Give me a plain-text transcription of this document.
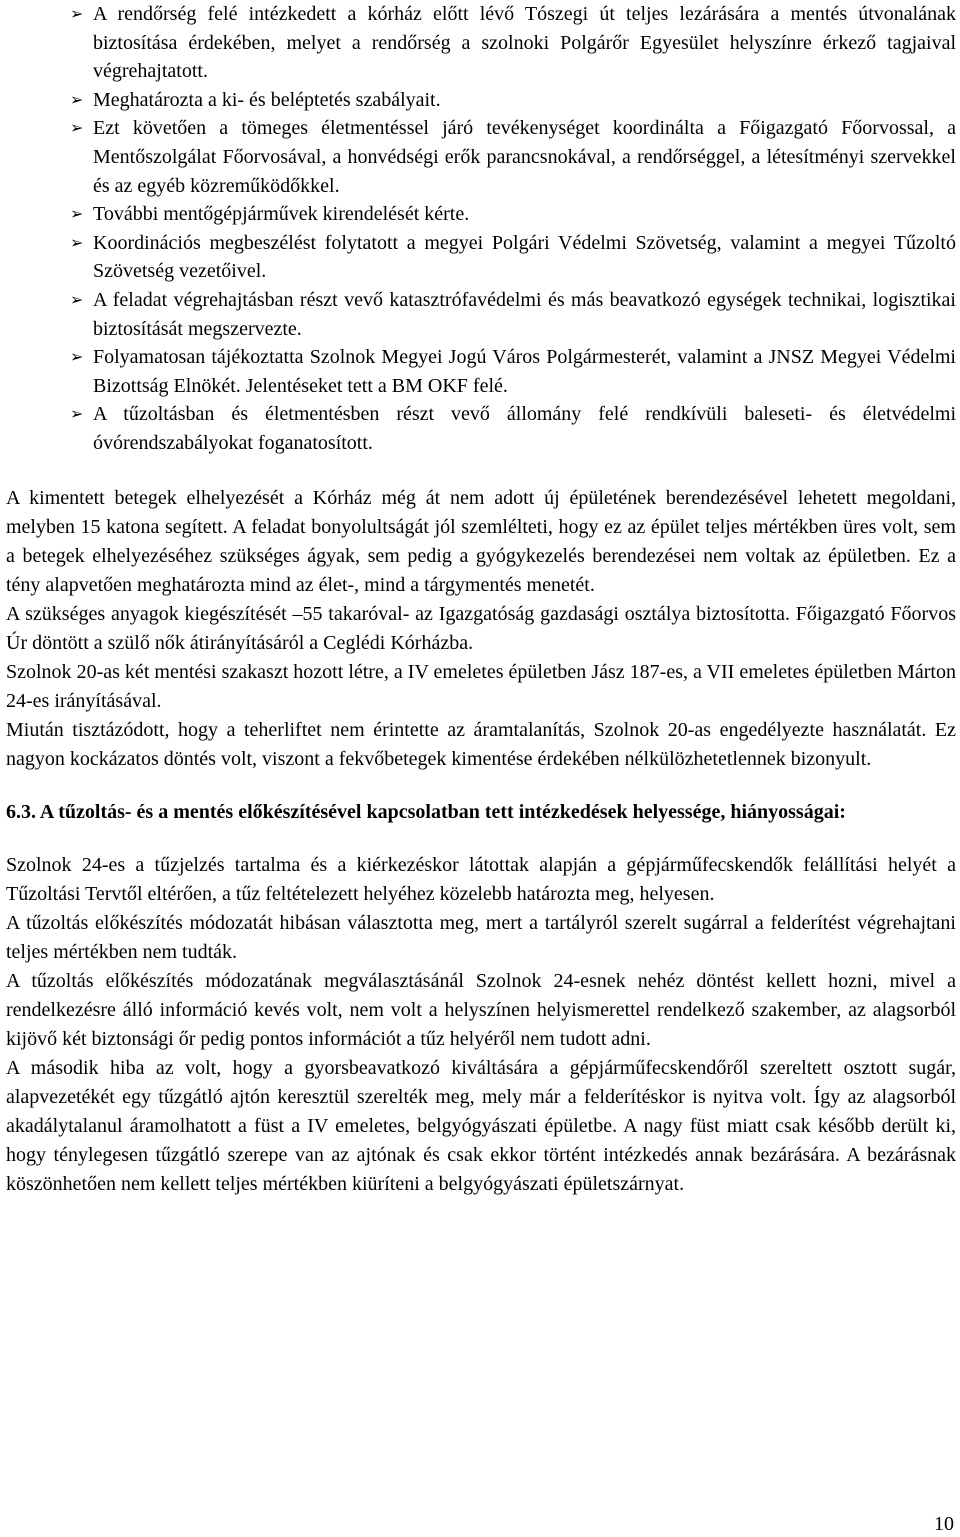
➢ A rendőrség felé intézkedett a kórház előtt lévő Tószegi út teljes lezárására a mentés útvonalának biztosítása érdekében, melyet a rendőrség a szolnoki Polgárőr Egyesület helyszínre érkező tagjaival végrehajtatott.
➢ Meghatározta a ki- és beléptetés szabályait.
➢ Ezt követően a tömeges életmentéssel járó tevékenységet koordinálta a Főigazgató Főorvossal, a Mentőszolgálat Főorvosával, a honvédségi erők parancsnokával, a rendőrséggel, a létesítményi szervekkel és az egyéb közreműködőkkel.
➢ További mentőgépjárművek kirendelését kérte.
➢ Koordinációs megbeszélést folytatott a megyei Polgári Védelmi Szövetség, valamint a megyei Tűzoltó Szövetség vezetőivel.
➢ A feladat végrehajtásban részt vevő katasztrófavédelmi és más beavatkozó egységek technikai, logisztikai biztosítását megszervezte.
➢ Folyamatosan tájékoztatta Szolnok Megyei Jogú Város Polgármesterét, valamint a JNSZ Megyei Védelmi Bizottság Elnökét. Jelentéseket tett a BM OKF felé.
➢ A tűzoltásban és életmentésben részt vevő állomány felé rendkívüli baleseti- és életvédelmi óvórendszabályokat foganatosított.

A kimentett betegek elhelyezését a Kórház még át nem adott új épületének berendezésével lehetett megoldani, melyben 15 katona segített. A feladat bonyolultságát jól szemlélteti, hogy ez az épület teljes mértékben üres volt, sem a betegek elhelyezéséhez szükséges ágyak, sem pedig a gyógykezelés berendezései nem voltak az épületben. Ez a tény alapvetően meghatározta mind az élet-, mind a tárgymentés menetét.

A szükséges anyagok kiegészítését –55 takaróval- az Igazgatóság gazdasági osztálya biztosította. Főigazgató Főorvos Úr döntött a szülő nők átirányításáról a Ceglédi Kórházba.

Szolnok 20-as két mentési szakaszt hozott létre, a IV emeletes épületben Jász 187-es, a VII emeletes épületben Márton 24-es irányításával.

Miután tisztázódott, hogy a teherliftet nem érintette az áramtalanítás, Szolnok 20-as engedélyezte használatát. Ez nagyon kockázatos döntés volt, viszont a fekvőbetegek kimentése érdekében nélkülözhetetlennek bizonyult.

6.3. A tűzoltás- és a mentés előkészítésével kapcsolatban tett intézkedések helyessége, hiányosságai:

Szolnok 24-es a tűzjelzés tartalma és a kiérkezéskor látottak alapján a gépjárműfecskendők felállítási helyét a Tűzoltási Tervtől eltérően, a tűz feltételezett helyéhez közelebb határozta meg, helyesen.

A tűzoltás előkészítés módozatát hibásan választotta meg, mert a tartályról szerelt sugárral a felderítést végrehajtani teljes mértékben nem tudták.

A tűzoltás előkészítés módozatának megválasztásánál Szolnok 24-esnek nehéz döntést kellett hozni, mivel a rendelkezésre álló információ kevés volt, nem volt a helyszínen helyismerettel rendelkező szakember, az alagsorból kijövő két biztonsági őr pedig pontos információt a tűz helyéről nem tudott adni.

A második hiba az volt, hogy a gyorsbeavatkozó kiváltására a gépjárműfecskendőről szereltett osztott sugár, alapvezetékét egy tűzgátló ajtón keresztül szerelték meg, mely már a felderítéskor is nyitva volt. Így az alagsorból akadálytalanul áramolhatott a füst a IV emeletes, belgyógyászati épületbe. A nagy füst miatt csak később derült ki, hogy ténylegesen tűzgátló szerepe van az ajtónak és csak ekkor történt intézkedés annak bezárására. A bezárásnak köszönhetően nem kellett teljes mértékben kiüríteni a belgyógyászati épületszárnyat.

10
